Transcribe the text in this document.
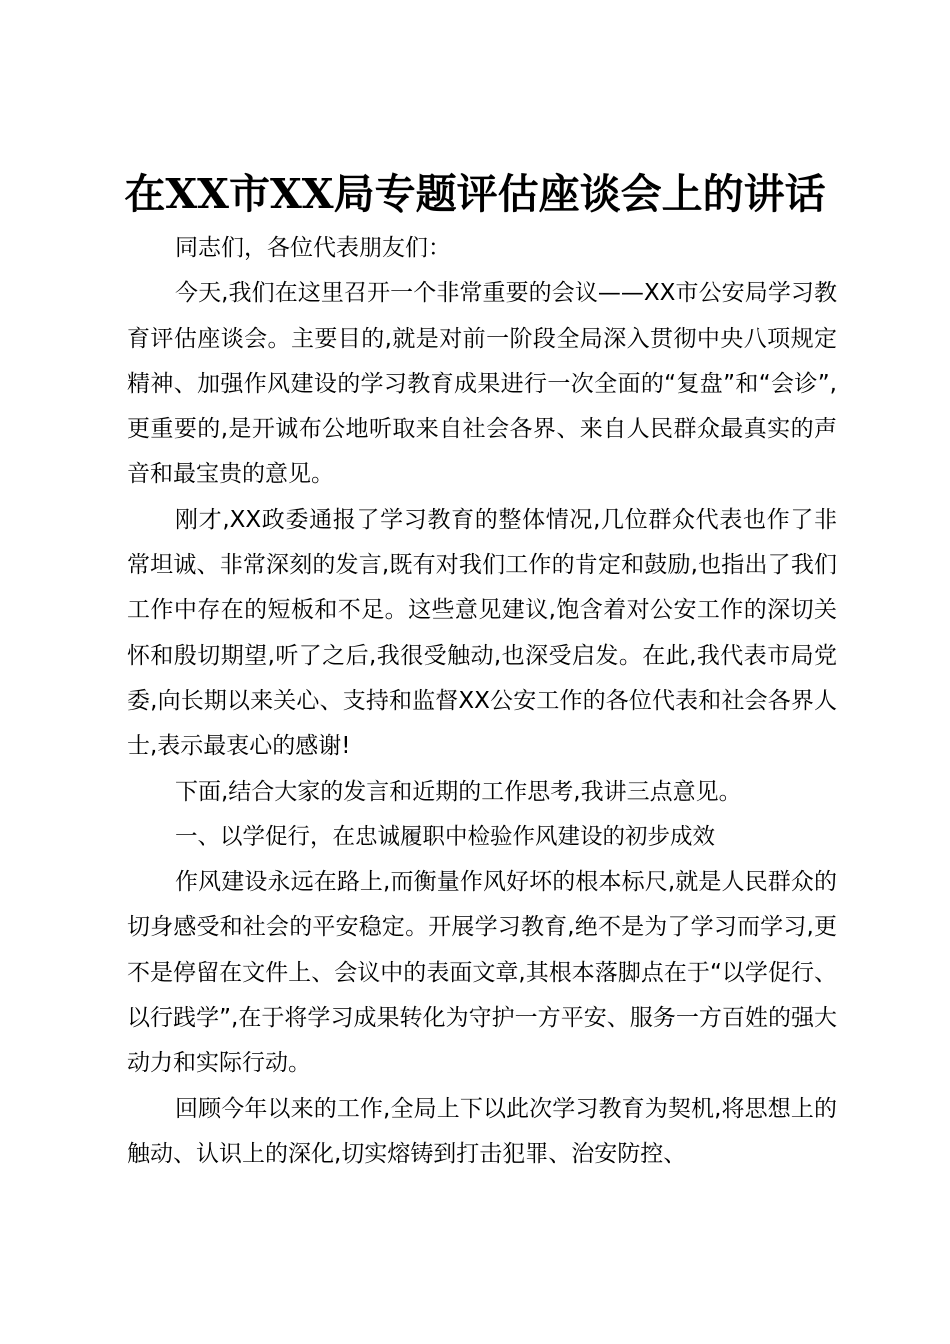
在XX市XX局专题评估座谈会上的讲话

同志们，各位代表朋友们：

今天,我们在这里召开一个非常重要的会议——XX市公安局学习教育评估座谈会。主要目的,就是对前一阶段全局深入贯彻中央八项规定精神、加强作风建设的学习教育成果进行一次全面的“复盘”和“会诊”,更重要的,是开诚布公地听取来自社会各界、来自人民群众最真实的声音和最宝贵的意见。

刚才,XX政委通报了学习教育的整体情况,几位群众代表也作了非常坦诚、非常深刻的发言,既有对我们工作的肯定和鼓励,也指出了我们工作中存在的短板和不足。这些意见建议,饱含着对公安工作的深切关怀和殷切期望,听了之后,我很受触动,也深受启发。在此,我代表市局党委,向长期以来关心、支持和监督XX公安工作的各位代表和社会各界人士,表示最衷心的感谢!

下面,结合大家的发言和近期的工作思考,我讲三点意见。

一、以学促行，在忠诚履职中检验作风建设的初步成效

作风建设永远在路上,而衡量作风好坏的根本标尺,就是人民群众的切身感受和社会的平安稳定。开展学习教育,绝不是为了学习而学习,更不是停留在文件上、会议中的表面文章,其根本落脚点在于“以学促行、以行践学”,在于将学习成果转化为守护一方平安、服务一方百姓的强大动力和实际行动。

回顾今年以来的工作,全局上下以此次学习教育为契机,将思想上的触动、认识上的深化,切实熔铸到打击犯罪、治安防控、
